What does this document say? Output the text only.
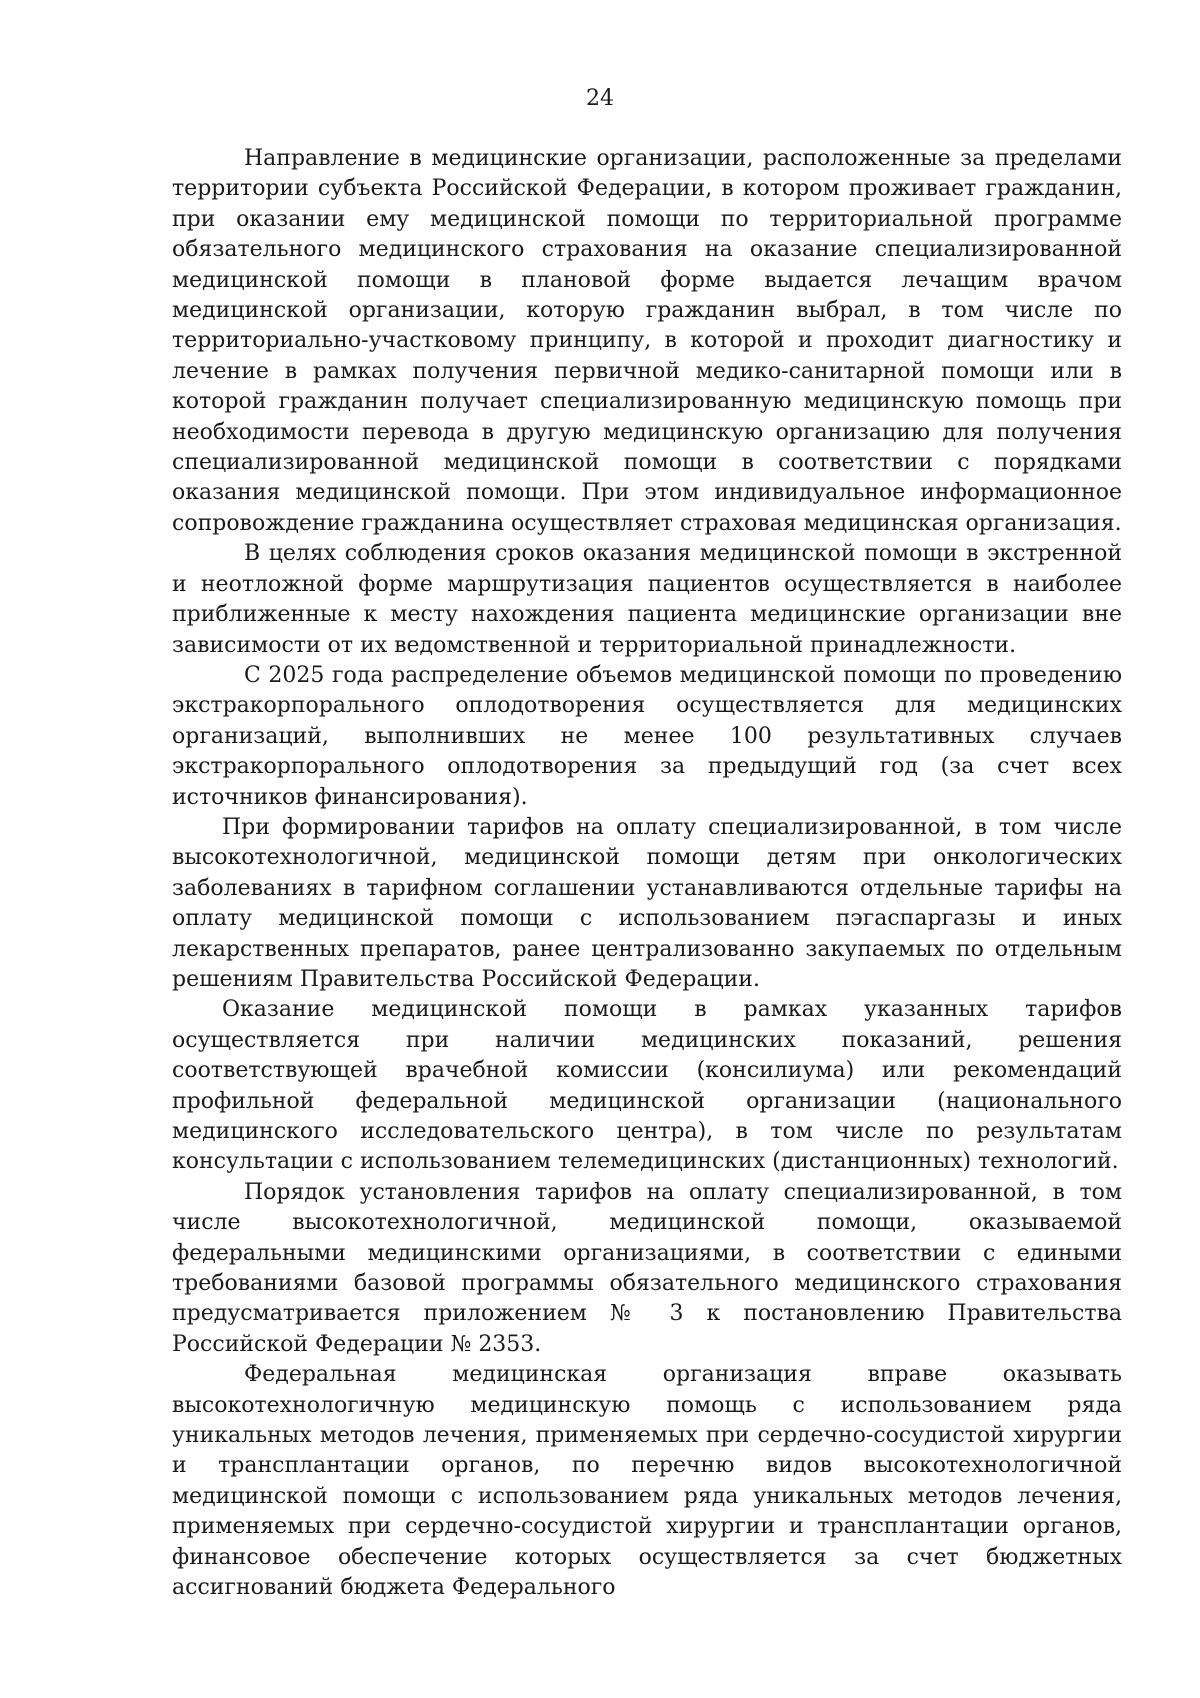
24

Направление в медицинские организации, расположенные за пределами территории субъекта Российской Федерации, в котором проживает гражданин, при оказании ему медицинской помощи по территориальной программе обязательного медицинского страхования на оказание специализированной медицинской помощи в плановой форме выдается лечащим врачом медицинской организации, которую гражданин выбрал, в том числе по территориально-участковому принципу, в которой и проходит диагностику и лечение в рамках получения первичной медико-санитарной помощи или в которой гражданин получает специализированную медицинскую помощь при необходимости перевода в другую медицинскую организацию для получения специализированной медицинской помощи в соответствии с порядками оказания медицинской помощи. При этом индивидуальное информационное сопровождение гражданина осуществляет страховая медицинская организация.

В целях соблюдения сроков оказания медицинской помощи в экстренной и неотложной форме маршрутизация пациентов осуществляется в наиболее приближенные к месту нахождения пациента медицинские организации вне зависимости от их ведомственной и территориальной принадлежности.

С 2025 года распределение объемов медицинской помощи по проведению экстракорпорального оплодотворения осуществляется для медицинских организаций, выполнивших не менее 100 результативных случаев экстракорпорального оплодотворения за предыдущий год (за счет всех источников финансирования).

При формировании тарифов на оплату специализированной, в том числе высокотехнологичной, медицинской помощи детям при онкологических заболеваниях в тарифном соглашении устанавливаются отдельные тарифы на оплату медицинской помощи с использованием пэгаспаргазы и иных лекарственных препаратов, ранее централизованно закупаемых по отдельным решениям Правительства Российской Федерации.

Оказание медицинской помощи в рамках указанных тарифов осуществляется при наличии медицинских показаний, решения соответствующей врачебной комиссии (консилиума) или рекомендаций профильной федеральной медицинской организации (национального медицинского исследовательского центра), в том числе по результатам консультации с использованием телемедицинских (дистанционных) технологий.

Порядок установления тарифов на оплату специализированной, в том числе высокотехнологичной, медицинской помощи, оказываемой федеральными медицинскими организациями, в соответствии с едиными требованиями базовой программы обязательного медицинского страхования предусматривается приложением № 3 к постановлению Правительства Российской Федерации № 2353.

Федеральная медицинская организация вправе оказывать высокотехнологичную медицинскую помощь с использованием ряда уникальных методов лечения, применяемых при сердечно-сосудистой хирургии и трансплантации органов, по перечню видов высокотехнологичной медицинской помощи с использованием ряда уникальных методов лечения, применяемых при сердечно-сосудистой хирургии и трансплантации органов, финансовое обеспечение которых осуществляется за счет бюджетных ассигнований бюджета Федерального
